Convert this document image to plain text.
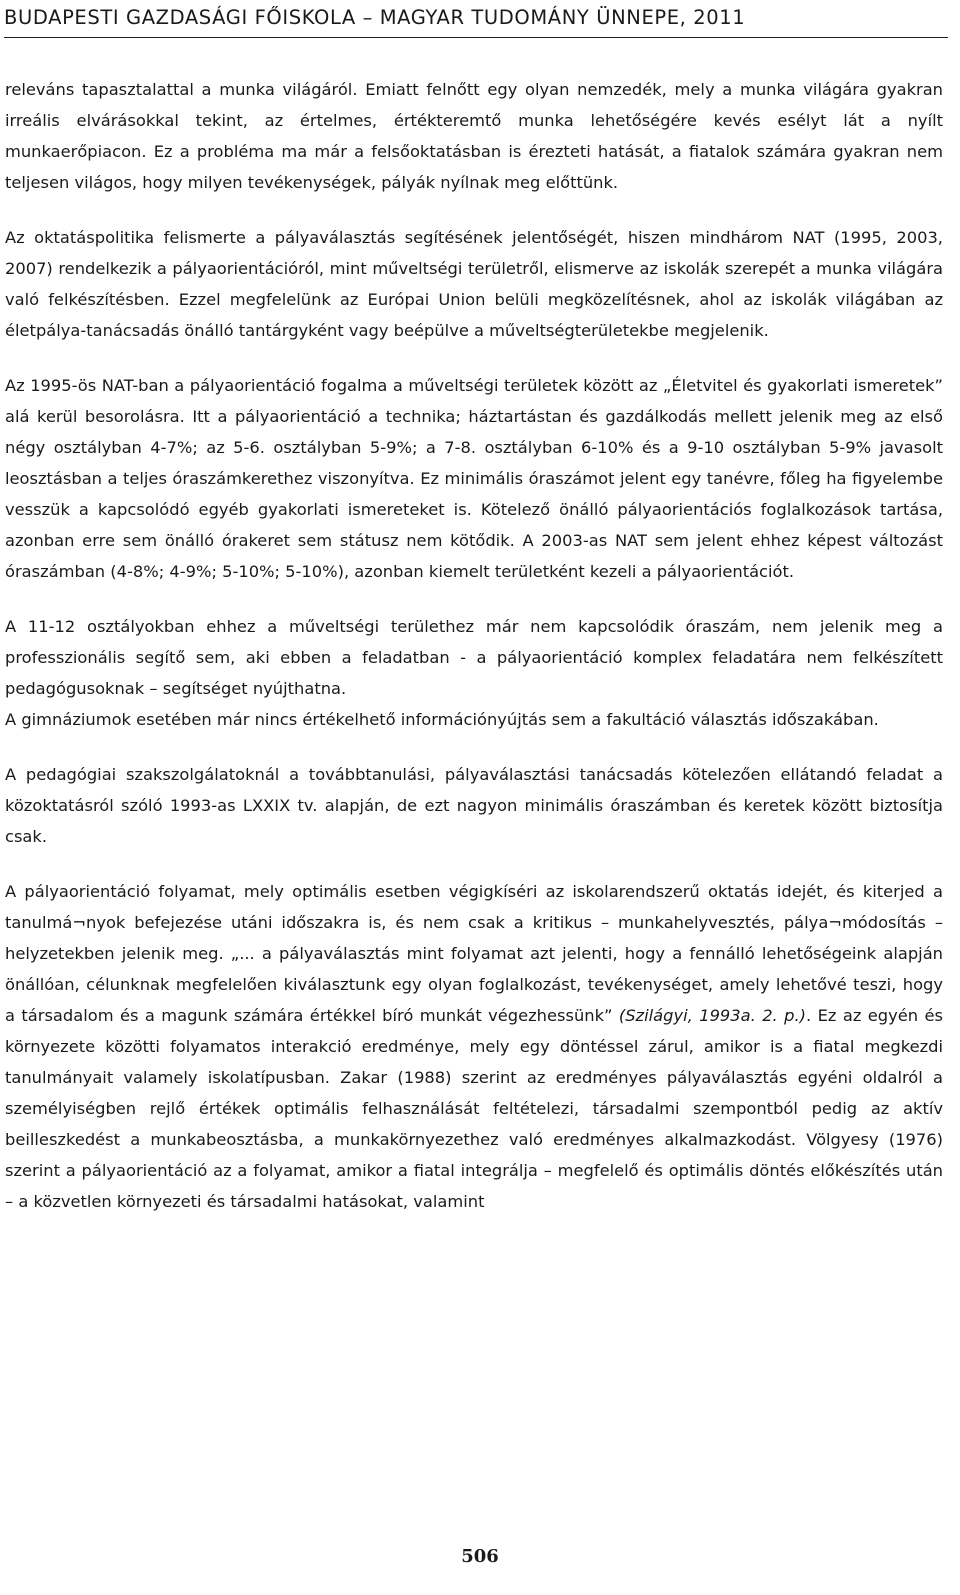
BUDAPESTI GAZDASÁGI FŐISKOLA – MAGYAR TUDOMÁNY ÜNNEPE, 2011

releváns tapasztalattal a munka világáról. Emiatt felnőtt egy olyan nemzedék, mely a munka világára gyakran irreális elvárásokkal tekint, az értelmes, értékteremtő munka lehetőségére kevés esélyt lát a nyílt munkaerőpiacon. Ez a probléma ma már a felsőoktatásban is érezteti hatását, a fiatalok számára gyakran nem teljesen világos, hogy milyen tevékenységek, pályák nyílnak meg előttünk.

Az oktatáspolitika felismerte a pályaválasztás segítésének jelentőségét, hiszen mindhárom NAT (1995, 2003, 2007) rendelkezik a pályaorientációról, mint műveltségi területről, elismerve az iskolák szerepét a munka világára való felkészítésben. Ezzel megfelelünk az Európai Union belüli megközelítésnek, ahol az iskolák világában az életpálya-tanácsadás önálló tantárgyként vagy beépülve a műveltségterületekbe megjelenik.

Az 1995-ös NAT-ban a pályaorientáció fogalma a műveltségi területek között az „Életvitel és gyakorlati ismeretek” alá kerül besorolásra. Itt a pályaorientáció a technika; háztartástan és gazdálkodás mellett jelenik meg az első négy osztályban 4-7%; az 5-6. osztályban 5-9%; a 7-8. osztályban 6-10% és a 9-10 osztályban 5-9% javasolt leosztásban a teljes óraszámkerethez viszonyítva. Ez minimális óraszámot jelent egy tanévre, főleg ha figyelembe vesszük a kapcsolódó egyéb gyakorlati ismereteket is. Kötelező önálló pályaorientációs foglalkozások tartása, azonban erre sem önálló órakeret sem státusz nem kötődik. A 2003-as NAT sem jelent ehhez képest változást óraszámban (4-8%; 4-9%; 5-10%; 5-10%), azonban kiemelt területként kezeli a pályaorientációt.

A 11-12 osztályokban ehhez a műveltségi területhez már nem kapcsolódik óraszám, nem jelenik meg a professzionális segítő sem, aki ebben a feladatban - a pályaorientáció komplex feladatára nem felkészített pedagógusoknak – segítséget nyújthatna.

A gimnáziumok esetében már nincs értékelhető információnyújtás sem a fakultáció választás időszakában.

A pedagógiai szakszolgálatoknál a továbbtanulási, pályaválasztási tanácsadás kötelezően ellátandó feladat a közoktatásról szóló 1993-as LXXIX tv. alapján, de ezt nagyon minimális óraszámban és keretek között biztosítja csak.

A pályaorientáció folyamat, mely optimális esetben végigkíséri az iskolarendszerű oktatás idejét, és kiterjed a tanulmá¬nyok befejezése utáni időszakra is, és nem csak a kritikus – munkahelyvesztés, pálya¬módosítás – helyzetekben jelenik meg. „... a pályaválasztás mint folyamat azt jelenti, hogy a fennálló lehetőségeink alapján önállóan, célunknak megfelelően kiválasztunk egy olyan foglalkozást, tevékenységet, amely lehetővé teszi, hogy a társadalom és a magunk számára értékkel bíró munkát végezhessünk” (Szilágyi, 1993a. 2. p.). Ez az egyén és környezete közötti folyamatos interakció eredménye, mely egy döntéssel zárul, amikor is a fiatal megkezdi tanulmányait valamely iskolatípusban. Zakar (1988) szerint az eredményes pályaválasztás egyéni oldalról a személyiségben rejlő értékek optimális felhasználását feltételezi, társadalmi szempontból pedig az aktív beilleszkedést a munkabeosztásba, a munkakörnyezethez való eredményes alkalmazkodást. Völgyesy (1976) szerint a pályaorientáció az a folyamat, amikor a fiatal integrálja – megfelelő és optimális döntés előkészítés után – a közvetlen környezeti és társadalmi hatásokat, valamint

506
